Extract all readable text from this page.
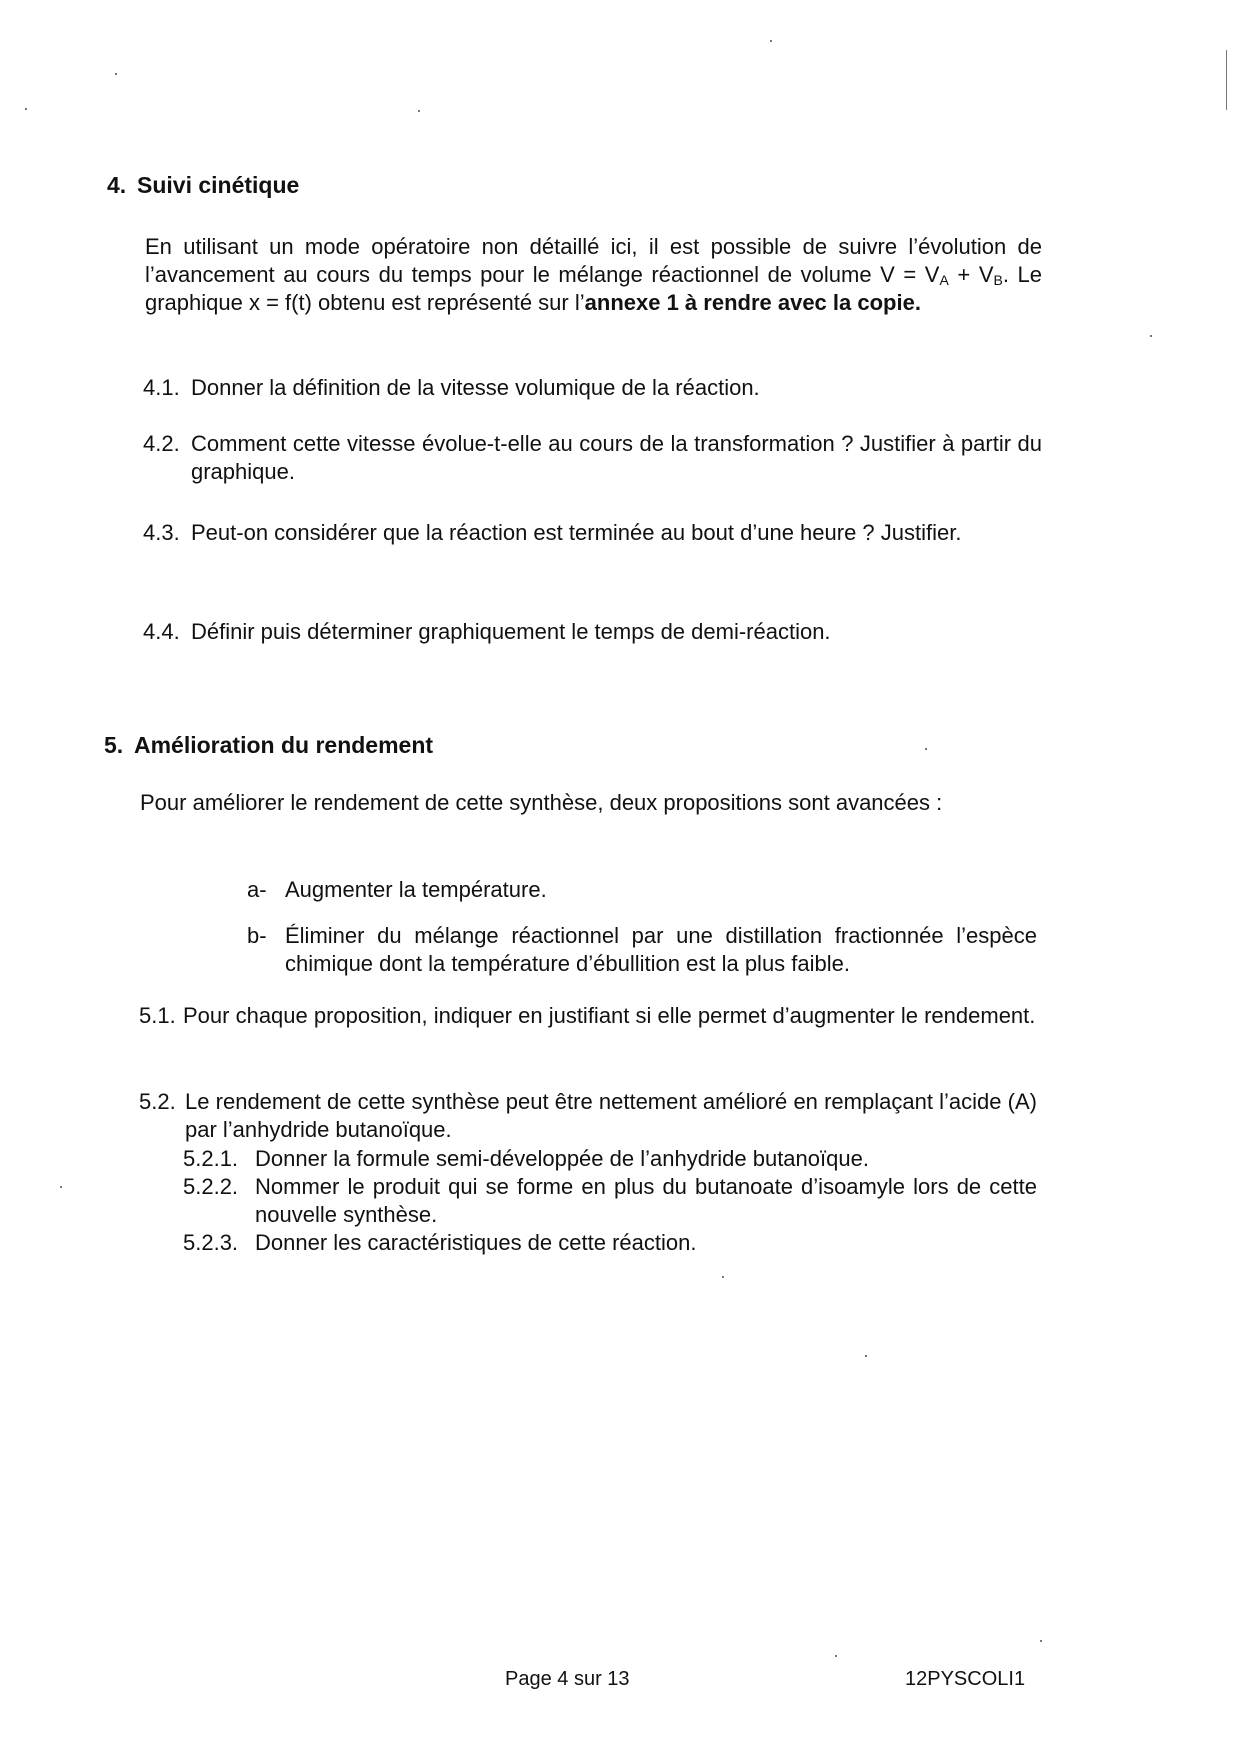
4. Suivi cinétique
En utilisant un mode opératoire non détaillé ici, il est possible de suivre l’évolution de l’avancement au cours du temps pour le mélange réactionnel de volume $V = V_A + V_B$. Le graphique x = f(t) obtenu est représenté sur l’annexe 1 à rendre avec la copie.
4.1. Donner la définition de la vitesse volumique de la réaction.
4.2. Comment cette vitesse évolue-t-elle au cours de la transformation ? Justifier à partir du graphique.
4.3. Peut-on considérer que la réaction est terminée au bout d’une heure ? Justifier.
4.4. Définir puis déterminer graphiquement le temps de demi-réaction.
5. Amélioration du rendement
Pour améliorer le rendement de cette synthèse, deux propositions sont avancées :
a- Augmenter la température.
b- Éliminer du mélange réactionnel par une distillation fractionnée l’espèce chimique dont la température d’ébullition est la plus faible.
5.1. Pour chaque proposition, indiquer en justifiant si elle permet d’augmenter le rendement.
5.2. Le rendement de cette synthèse peut être nettement amélioré en remplaçant l’acide (A) par l’anhydride butanoïque.
5.2.1. Donner la formule semi-développée de l’anhydride butanoïque.
5.2.2. Nommer le produit qui se forme en plus du butanoate d’isoamyle lors de cette nouvelle synthèse.
5.2.3. Donner les caractéristiques de cette réaction.
Page 4 sur 13	12PYSCOLI1
